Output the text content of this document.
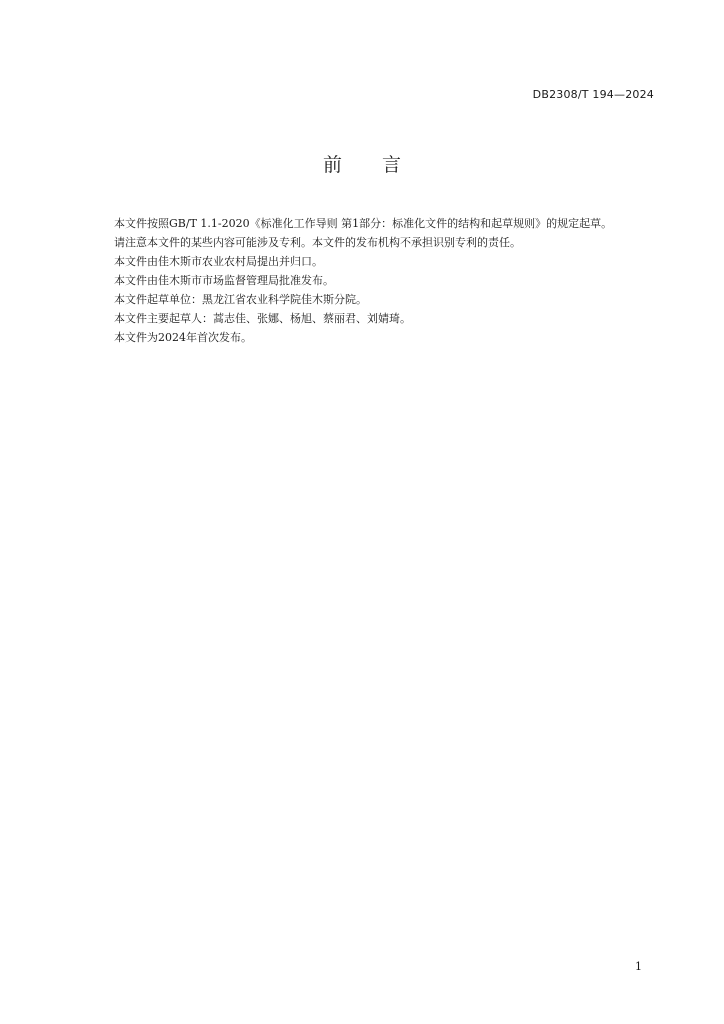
DB2308/T 194—2024
前言

本文件按照GB/T 1.1-2020《标准化工作导则 第1部分：标准化文件的结构和起草规则》的规定起草。

请注意本文件的某些内容可能涉及专利。本文件的发布机构不承担识别专利的责任。

本文件由佳木斯市农业农村局提出并归口。

本文件由佳木斯市市场监督管理局批准发布。

本文件起草单位：黑龙江省农业科学院佳木斯分院。

本文件主要起草人：蒿志佳、张娜、杨旭、蔡丽君、刘婧琦。

本文件为2024年首次发布。

1
